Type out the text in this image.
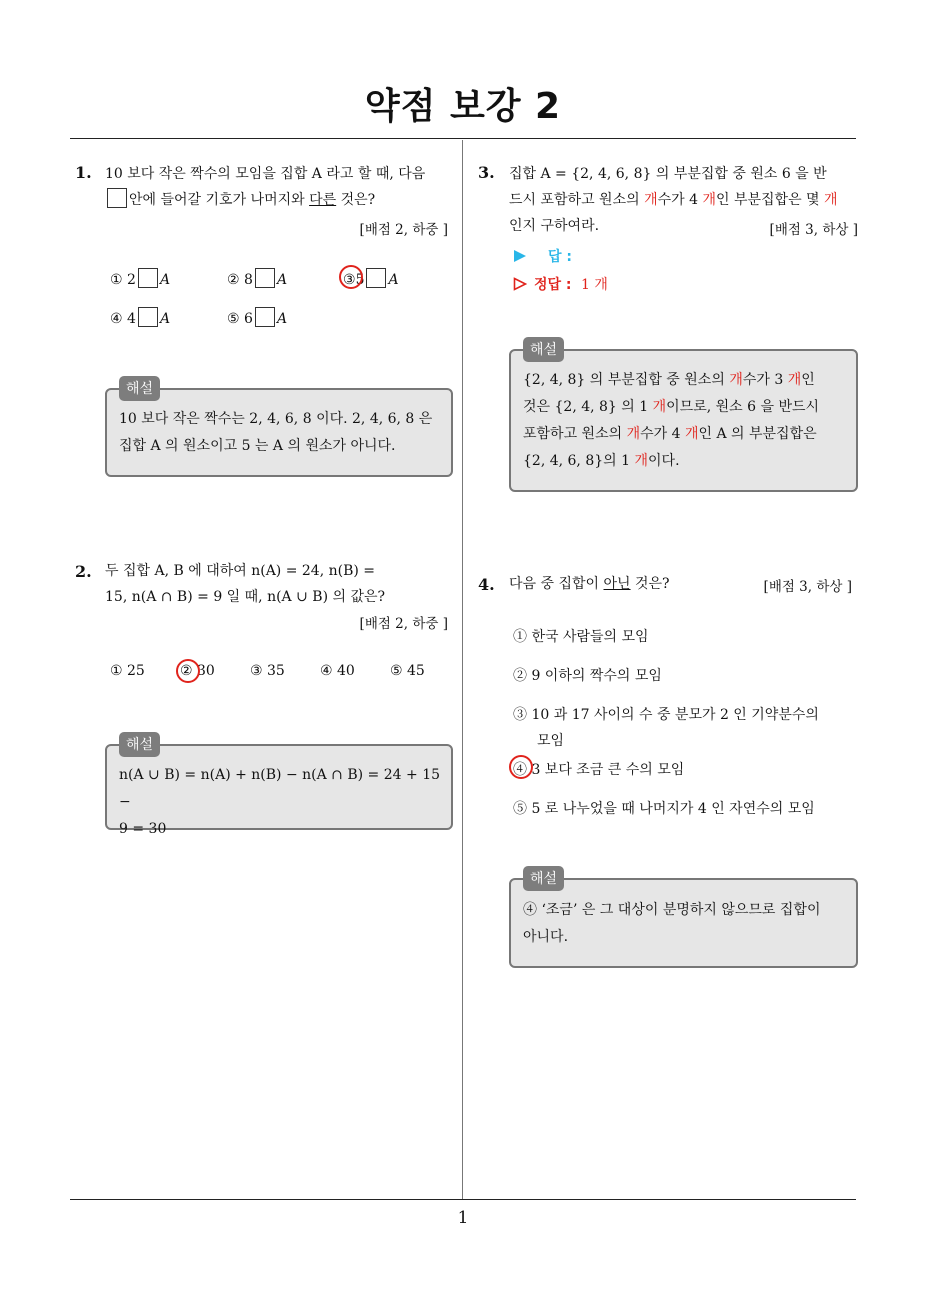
약점 보강 2
1
1. 10 보다 작은 짝수의 모임을 집합 A 라고 할 때, 다음
안에 들어갈 기호가 나머지와 다른 것은?
[배점 2, 하중 ]
① 2 A	② 8 A	③5 A
④ 4 A	⑤ 6 A
10 보다 작은 짝수는 2, 4, 6, 8 이다. 2, 4, 6, 8 은
집합 A 의 원소이고 5 는 A 의 원소가 아니다.
해설
2. 두 집합 A, B 에 대하여 n(A) = 24, n(B) =
15, n(A ∩ B) = 9 일 때, n(A ∪ B) 의 값은?
[배점 2, 하중 ]
① 25	② 30	③ 35	④ 40	⑤ 45
n(A ∪ B) = n(A) + n(B) − n(A ∩ B) = 24 + 15 −
9 = 30
해설
3. 집합 A = {2, 4, 6, 8} 의 부분집합 중 원소 6 을 반
드시 포함하고 원소의 개수가 4 개인 부분집합은 몇 개
인지 구하여라.	[배점 3, 하상 ]
답 :
정답 : 1 개
{2, 4, 8} 의 부분집합 중 원소의 개수가 3 개인
것은 {2, 4, 8} 의 1 개이므로, 원소 6 을 반드시
포함하고 원소의 개수가 4 개인 A 의 부분집합은
{2, 4, 6, 8}의 1 개이다.
해설
4. 다음 중 집합이 아닌 것은?	[배점 3, 하상 ]
① 한국 사람들의 모임
② 9 이하의 짝수의 모임
③ 10 과 17 사이의 수 중 분모가 2 인 기약분수의
모임
④ 3 보다 조금 큰 수의 모임
⑤ 5 로 나누었을 때 나머지가 4 인 자연수의 모임
④ ‘조금’ 은 그 대상이 분명하지 않으므로 집합이
아니다.
해설
